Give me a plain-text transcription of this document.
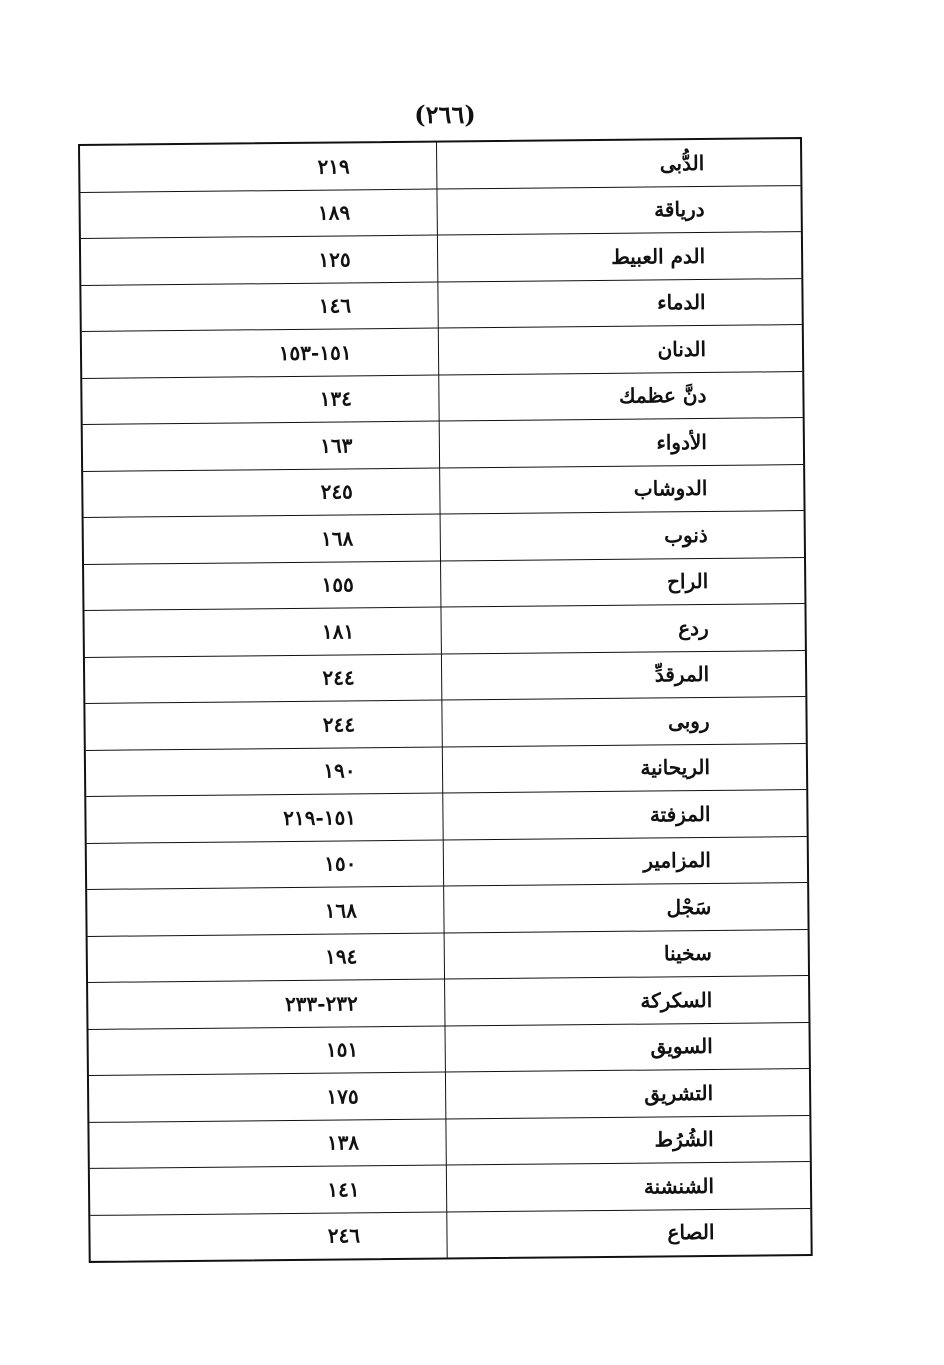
(٢٦٦)
الدُّبى	٢١٩
درياقة	١٨٩
الدم العبيط	١٢٥
الدماء	١٤٦
الدنان	١٥١-١٥٣
دنَّ عظمك	١٣٤
الأدواء	١٦٣
الدوشاب	٢٤٥
ذنوب	١٦٨
الراح	١٥٥
ردع	١٨١
المرقدِّ	٢٤٤
روبى	٢٤٤
الريحانية	١٩٠
المزفتة	١٥١-٢١٩
المزامير	١٥٠
سَجْل	١٦٨
سخينا	١٩٤
السكركة	٢٣٢-٢٣٣
السويق	١٥١
التشريق	١٧٥
الشُرُط	١٣٨
الشنشنة	١٤١
الصاع	٢٤٦
